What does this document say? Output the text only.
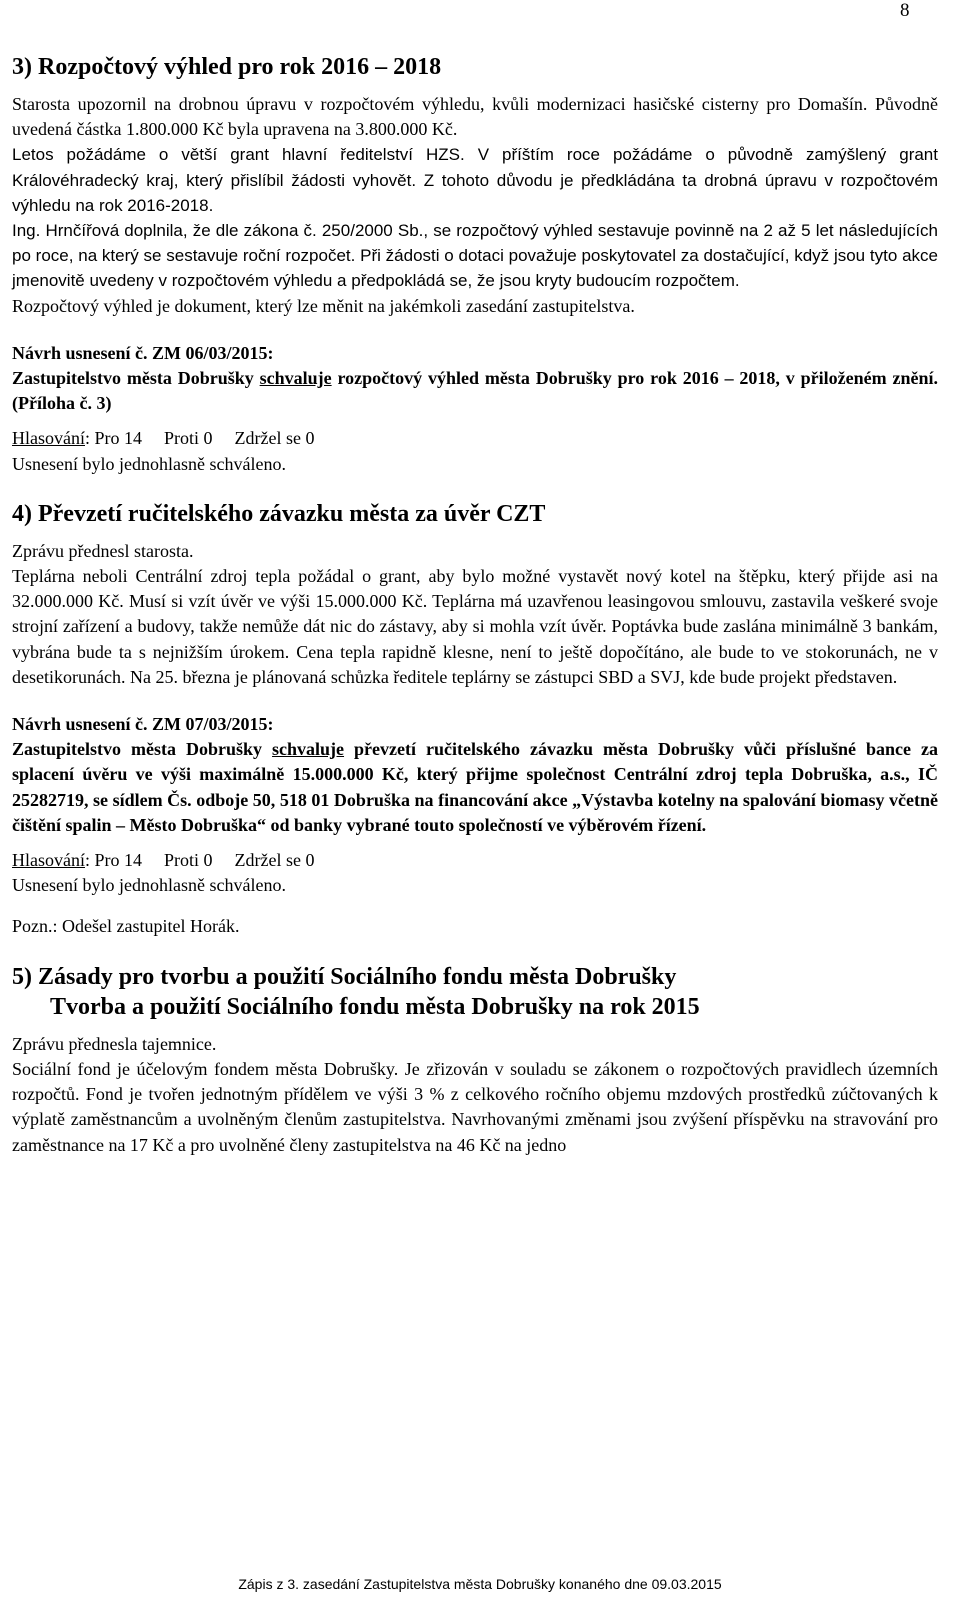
8
3) Rozpočtový výhled pro rok 2016 – 2018

Starosta upozornil na drobnou úpravu v rozpočtovém výhledu, kvůli modernizaci hasičské cisterny pro Domašín. Původně uvedená částka 1.800.000 Kč byla upravena na 3.800.000 Kč.

Letos požádáme o větší grant hlavní ředitelství HZS. V příštím roce požádáme o původně zamýšlený grant Královéhradecký kraj, který přislíbil žádosti vyhovět. Z tohoto důvodu je předkládána ta drobná úpravu v rozpočtovém výhledu na rok 2016-2018.

Ing. Hrnčířová doplnila, že dle zákona č. 250/2000 Sb., se rozpočtový výhled sestavuje povinně na 2 až 5 let následujících po roce, na který se sestavuje roční rozpočet. Při žádosti o dotaci považuje poskytovatel za dostačující, když jsou tyto akce jmenovitě uvedeny v rozpočtovém výhledu a předpokládá se, že jsou kryty budoucím rozpočtem.

Rozpočtový výhled je dokument, který lze měnit na jakémkoli zasedání zastupitelstva.

Návrh usnesení č. ZM 06/03/2015:

Zastupitelstvo města Dobrušky schvaluje rozpočtový výhled města Dobrušky pro rok 2016 – 2018, v přiloženém znění. (Příloha č. 3)

Hlasování: Pro 14 Proti 0 Zdržel se 0

Usnesení bylo jednohlasně schváleno.

4) Převzetí ručitelského závazku města za úvěr CZT

Zprávu přednesl starosta.

Teplárna neboli Centrální zdroj tepla požádal o grant, aby bylo možné vystavět nový kotel na štěpku, který přijde asi na 32.000.000 Kč. Musí si vzít úvěr ve výši 15.000.000 Kč. Teplárna má uzavřenou leasingovou smlouvu, zastavila veškeré svoje strojní zařízení a budovy, takže nemůže dát nic do zástavy, aby si mohla vzít úvěr. Poptávka bude zaslána minimálně 3 bankám, vybrána bude ta s nejnižším úrokem. Cena tepla rapidně klesne, není to ještě dopočítáno, ale bude to ve stokorunách, ne v desetikorunách. Na 25. března je plánovaná schůzka ředitele teplárny se zástupci SBD a SVJ, kde bude projekt představen.

Návrh usnesení č. ZM 07/03/2015:

Zastupitelstvo města Dobrušky schvaluje převzetí ručitelského závazku města Dobrušky vůči příslušné bance za splacení úvěru ve výši maximálně 15.000.000 Kč, který přijme společnost Centrální zdroj tepla Dobruška, a.s., IČ 25282719, se sídlem Čs. odboje 50, 518 01 Dobruška na financování akce „Výstavba kotelny na spalování biomasy včetně čištění spalin – Město Dobruška“ od banky vybrané touto společností ve výběrovém řízení.

Hlasování: Pro 14 Proti 0 Zdržel se 0

Usnesení bylo jednohlasně schváleno.

Pozn.: Odešel zastupitel Horák.

5) Zásady pro tvorbu a použití Sociálního fondu města Dobrušky
Tvorba a použití Sociálního fondu města Dobrušky na rok 2015

Zprávu přednesla tajemnice.

Sociální fond je účelovým fondem města Dobrušky. Je zřizován v souladu se zákonem o rozpočtových pravidlech územních rozpočtů. Fond je tvořen jednotným přídělem ve výši 3 % z celkového ročního objemu mzdových prostředků zúčtovaných k výplatě zaměstnancům a uvolněným členům zastupitelstva. Navrhovanými změnami jsou zvýšení příspěvku na stravování pro zaměstnance na 17 Kč a pro uvolněné členy zastupitelstva na 46 Kč na jedno

Zápis z 3. zasedání Zastupitelstva města Dobrušky konaného dne 09.03.2015
